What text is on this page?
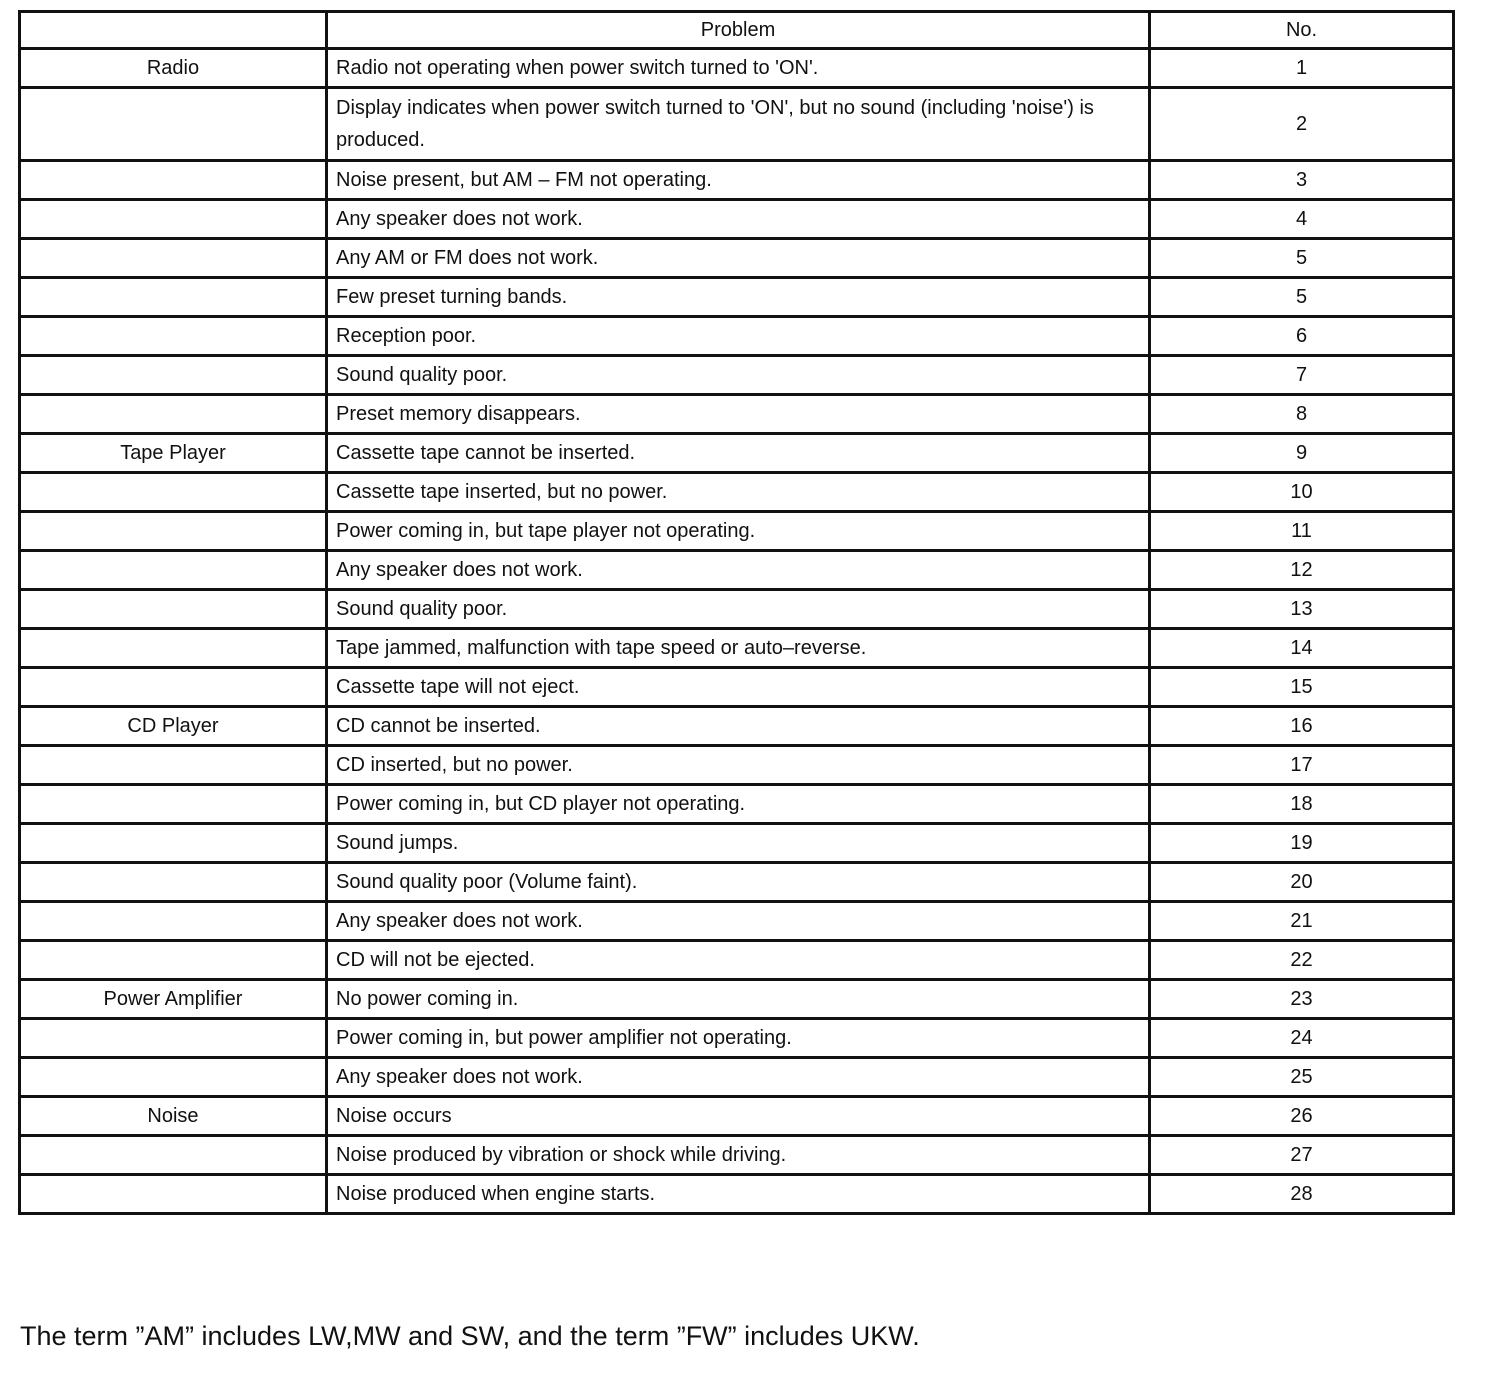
	Problem	No.
Radio	Radio not operating when power switch turned to 'ON'.	1
	Display indicates when power switch turned to 'ON', but no sound (including 'noise') is produced.	2
	Noise present, but AM – FM not operating.	3
	Any speaker does not work.	4
	Any AM or FM does not work.	5
	Few preset turning bands.	5
	Reception poor.	6
	Sound quality poor.	7
	Preset memory disappears.	8
Tape Player	Cassette tape cannot be inserted.	9
	Cassette tape inserted, but no power.	10
	Power coming in, but tape player not operating.	11
	Any speaker does not work.	12
	Sound quality poor.	13
	Tape jammed, malfunction with tape speed or auto–reverse.	14
	Cassette tape will not eject.	15
CD Player	CD cannot be inserted.	16
	CD inserted, but no power.	17
	Power coming in, but CD player not operating.	18
	Sound jumps.	19
	Sound quality poor (Volume faint).	20
	Any speaker does not work.	21
	CD will not be ejected.	22
Power Amplifier	No power coming in.	23
	Power coming in, but power amplifier not operating.	24
	Any speaker does not work.	25
Noise	Noise occurs	26
	Noise produced by vibration or shock while driving.	27
	Noise produced when engine starts.	28
The term ”AM” includes LW,MW and SW, and the term ”FW” includes UKW.
